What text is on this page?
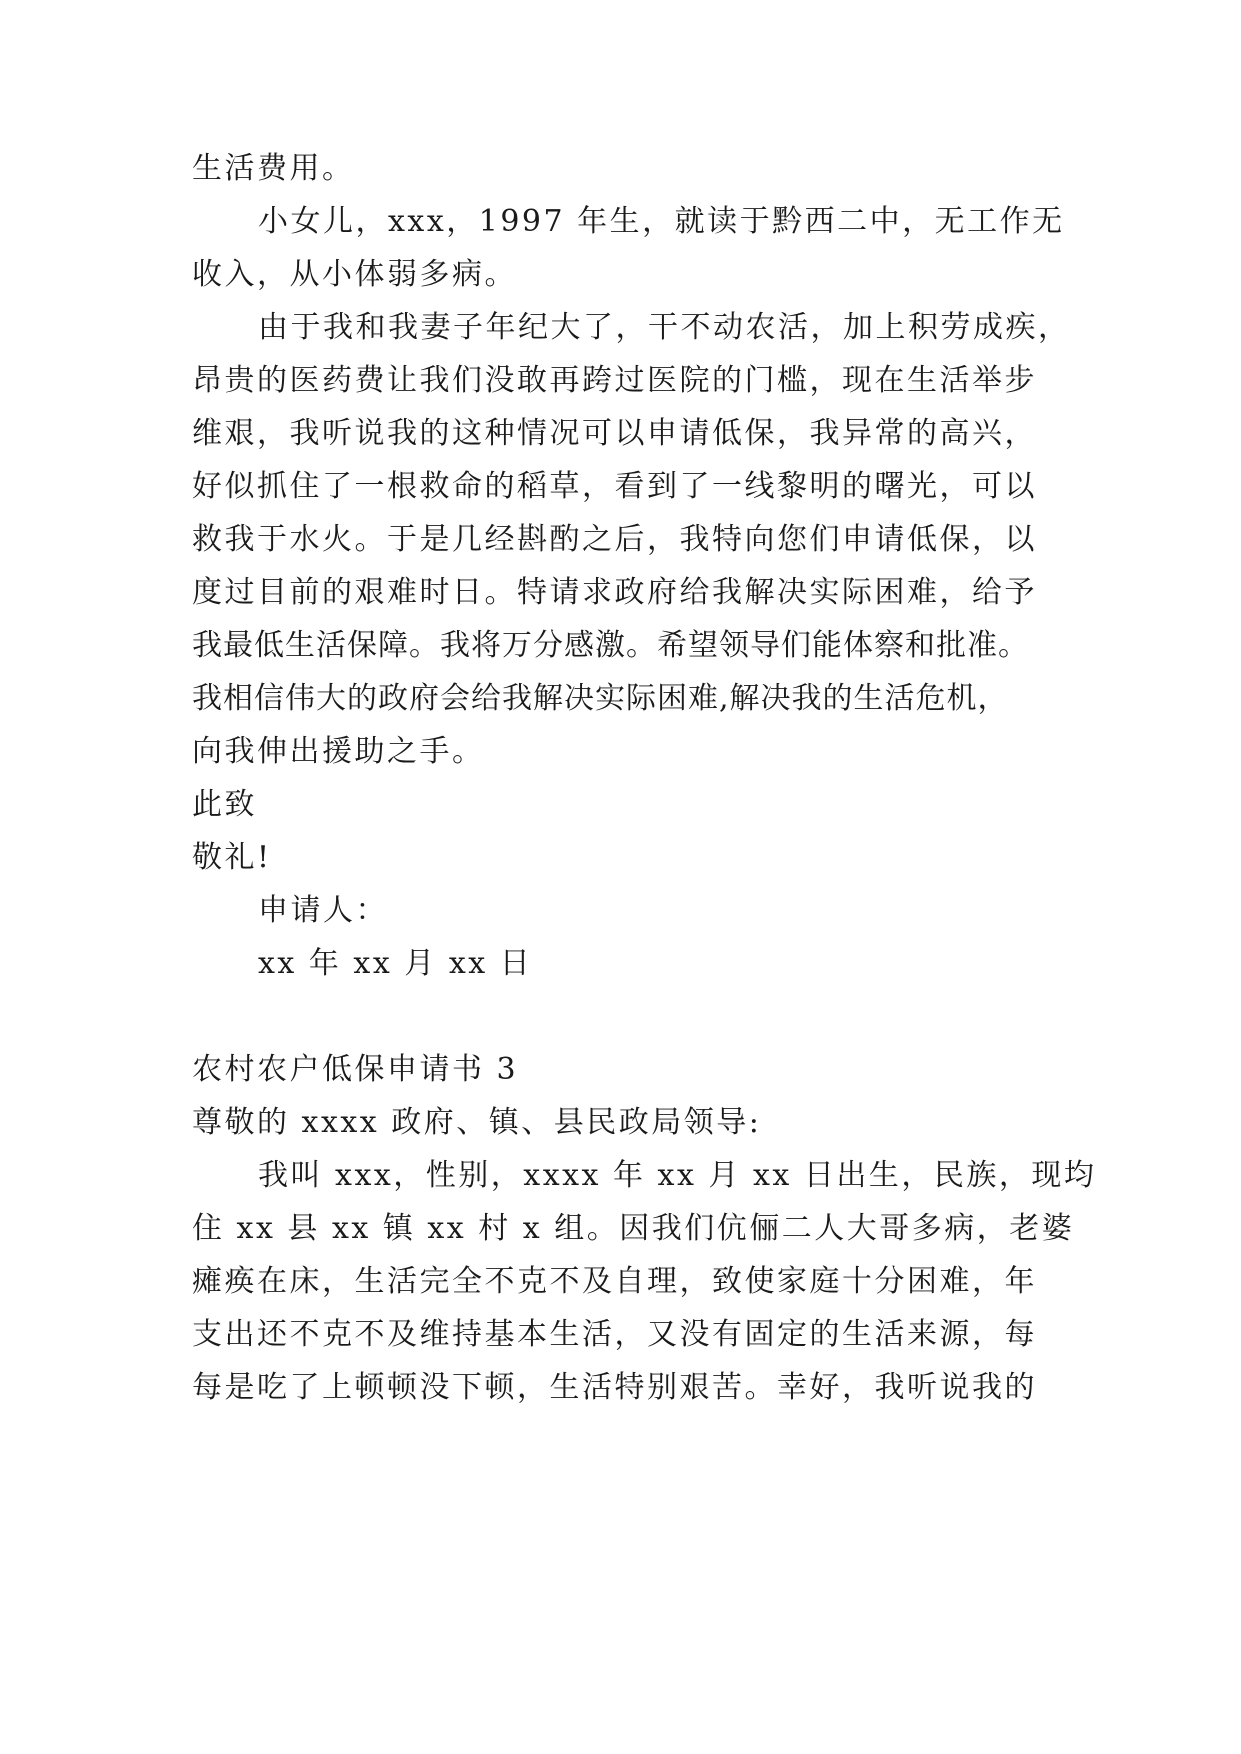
生活费用。
小女儿，xxx，1997 年生，就读于黔西二中，无工作无
收入，从小体弱多病。
由于我和我妻子年纪大了，干不动农活，加上积劳成疾，
昂贵的医药费让我们没敢再跨过医院的门槛，现在生活举步
维艰，我听说我的这种情况可以申请低保，我异常的高兴，
好似抓住了一根救命的稻草，看到了一线黎明的曙光，可以
救我于水火。于是几经斟酌之后，我特向您们申请低保，以
度过目前的艰难时日。特请求政府给我解决实际困难，给予
我最低生活保障。我将万分感激。希望领导们能体察和批准。
我相信伟大的政府会给我解决实际困难,解决我的生活危机，
向我伸出援助之手。
此致
敬礼!
申请人：
xx 年 xx 月 xx 日
农村农户低保申请书 3
尊敬的 xxxx 政府、镇、县民政局领导:
我叫 xxx，性别，xxxx 年 xx 月 xx 日出生，民族，现均
住 xx 县 xx 镇 xx 村 x 组。因我们伉俪二人大哥多病，老婆
瘫痪在床，生活完全不克不及自理，致使家庭十分困难，年
支出还不克不及维持基本生活，又没有固定的生活来源，每
每是吃了上顿顿没下顿，生活特别艰苦。幸好，我听说我的
